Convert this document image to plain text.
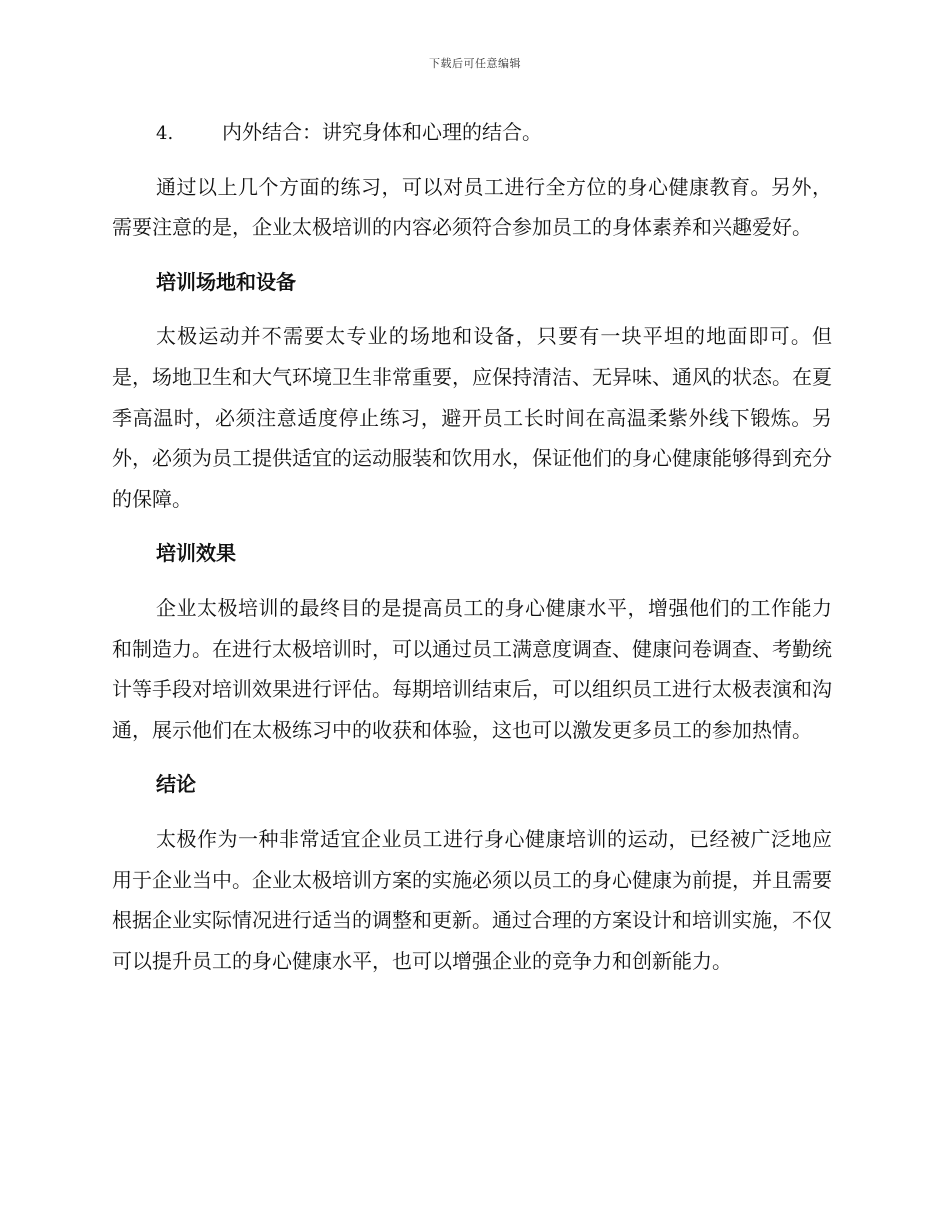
下载后可任意编辑
4. 内外结合：讲究身体和心理的结合。

通过以上几个方面的练习，可以对员工进行全方位的身心健康教育。另外，需要注意的是，企业太极培训的内容必须符合参加员工的身体素养和兴趣爱好。

培训场地和设备

太极运动并不需要太专业的场地和设备，只要有一块平坦的地面即可。但是，场地卫生和大气环境卫生非常重要，应保持清洁、无异味、通风的状态。在夏季高温时，必须注意适度停止练习，避开员工长时间在高温柔紫外线下锻炼。另外，必须为员工提供适宜的运动服装和饮用水，保证他们的身心健康能够得到充分的保障。

培训效果

企业太极培训的最终目的是提高员工的身心健康水平，增强他们的工作能力和制造力。在进行太极培训时，可以通过员工满意度调查、健康问卷调查、考勤统计等手段对培训效果进行评估。每期培训结束后，可以组织员工进行太极表演和沟通，展示他们在太极练习中的收获和体验，这也可以激发更多员工的参加热情。

结论

太极作为一种非常适宜企业员工进行身心健康培训的运动，已经被广泛地应用于企业当中。企业太极培训方案的实施必须以员工的身心健康为前提，并且需要根据企业实际情况进行适当的调整和更新。通过合理的方案设计和培训实施，不仅可以提升员工的身心健康水平，也可以增强企业的竞争力和创新能力。
